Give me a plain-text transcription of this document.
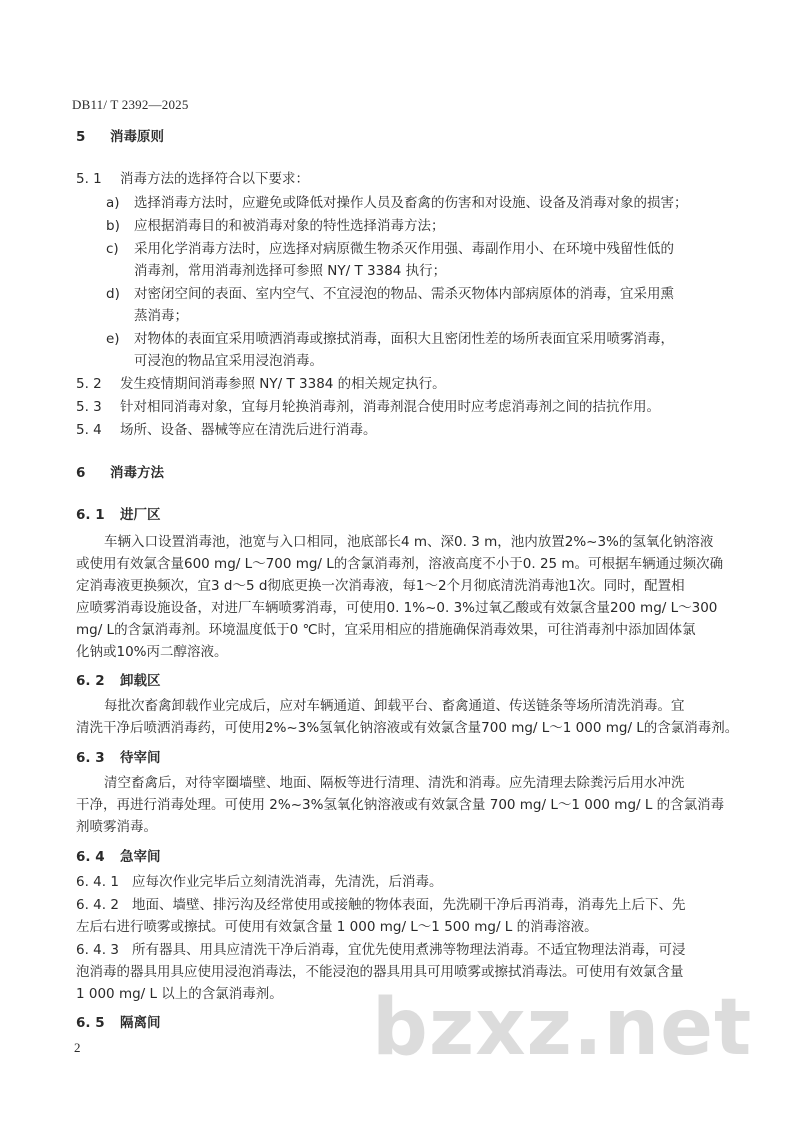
DB11/ T 2392—2025
5 消毒原则
5. 1 消毒方法的选择符合以下要求：
a) 选择消毒方法时，应避免或降低对操作人员及畜禽的伤害和对设施、设备及消毒对象的损害；
b) 应根据消毒目的和被消毒对象的特性选择消毒方法；
c) 采用化学消毒方法时，应选择对病原微生物杀灭作用强、毒副作用小、在环境中残留性低的
消毒剂，常用消毒剂选择可参照 NY/ T 3384 执行；
d) 对密闭空间的表面、室内空气、不宜浸泡的物品、需杀灭物体内部病原体的消毒，宜采用熏
蒸消毒；
e) 对物体的表面宜采用喷洒消毒或擦拭消毒，面积大且密闭性差的场所表面宜采用喷雾消毒，
可浸泡的物品宜采用浸泡消毒。
5. 2 发生疫情期间消毒参照 NY/ T 3384 的相关规定执行。
5. 3 针对相同消毒对象，宜每月轮换消毒剂，消毒剂混合使用时应考虑消毒剂之间的拮抗作用。
5. 4 场所、设备、器械等应在清洗后进行消毒。
6 消毒方法
6. 1 进厂区
车辆入口设置消毒池，池宽与入口相同，池底部长4 m、深0. 3 m，池内放置2%~3%的氢氧化钠溶液
或使用有效氯含量600 mg/ L～700 mg/ L的含氯消毒剂，溶液高度不小于0. 25 m。可根据车辆通过频次确
定消毒液更换频次，宜3 d～5 d彻底更换一次消毒液，每1～2个月彻底清洗消毒池1次。同时，配置相
应喷雾消毒设施设备，对进厂车辆喷雾消毒，可使用0. 1%~0. 3%过氧乙酸或有效氯含量200 mg/ L～300
mg/ L的含氯消毒剂。环境温度低于0 ℃时，宜采用相应的措施确保消毒效果，可往消毒剂中添加固体氯
化钠或10%丙二醇溶液。
6. 2 卸载区
每批次畜禽卸载作业完成后，应对车辆通道、卸载平台、畜禽通道、传送链条等场所清洗消毒。宜
清洗干净后喷洒消毒药，可使用2%~3%氢氧化钠溶液或有效氯含量700 mg/ L～1 000 mg/ L的含氯消毒剂。
6. 3 待宰间
清空畜禽后，对待宰圈墙壁、地面、隔板等进行清理、清洗和消毒。应先清理去除粪污后用水冲洗
干净，再进行消毒处理。可使用 2%~3%氢氧化钠溶液或有效氯含量 700 mg/ L～1 000 mg/ L 的含氯消毒
剂喷雾消毒。
6. 4 急宰间
6. 4. 1 应每次作业完毕后立刻清洗消毒，先清洗，后消毒。
6. 4. 2 地面、墙壁、排污沟及经常使用或接触的物体表面，先洗刷干净后再消毒，消毒先上后下、先
左后右进行喷雾或擦拭。可使用有效氯含量 1 000 mg/ L～1 500 mg/ L 的消毒溶液。
6. 4. 3 所有器具、用具应清洗干净后消毒，宜优先使用煮沸等物理法消毒。不适宜物理法消毒，可浸
泡消毒的器具用具应使用浸泡消毒法，不能浸泡的器具用具可用喷雾或擦拭消毒法。可使用有效氯含量
1 000 mg/ L 以上的含氯消毒剂。
6. 5 隔离间	bzxz.net
2
